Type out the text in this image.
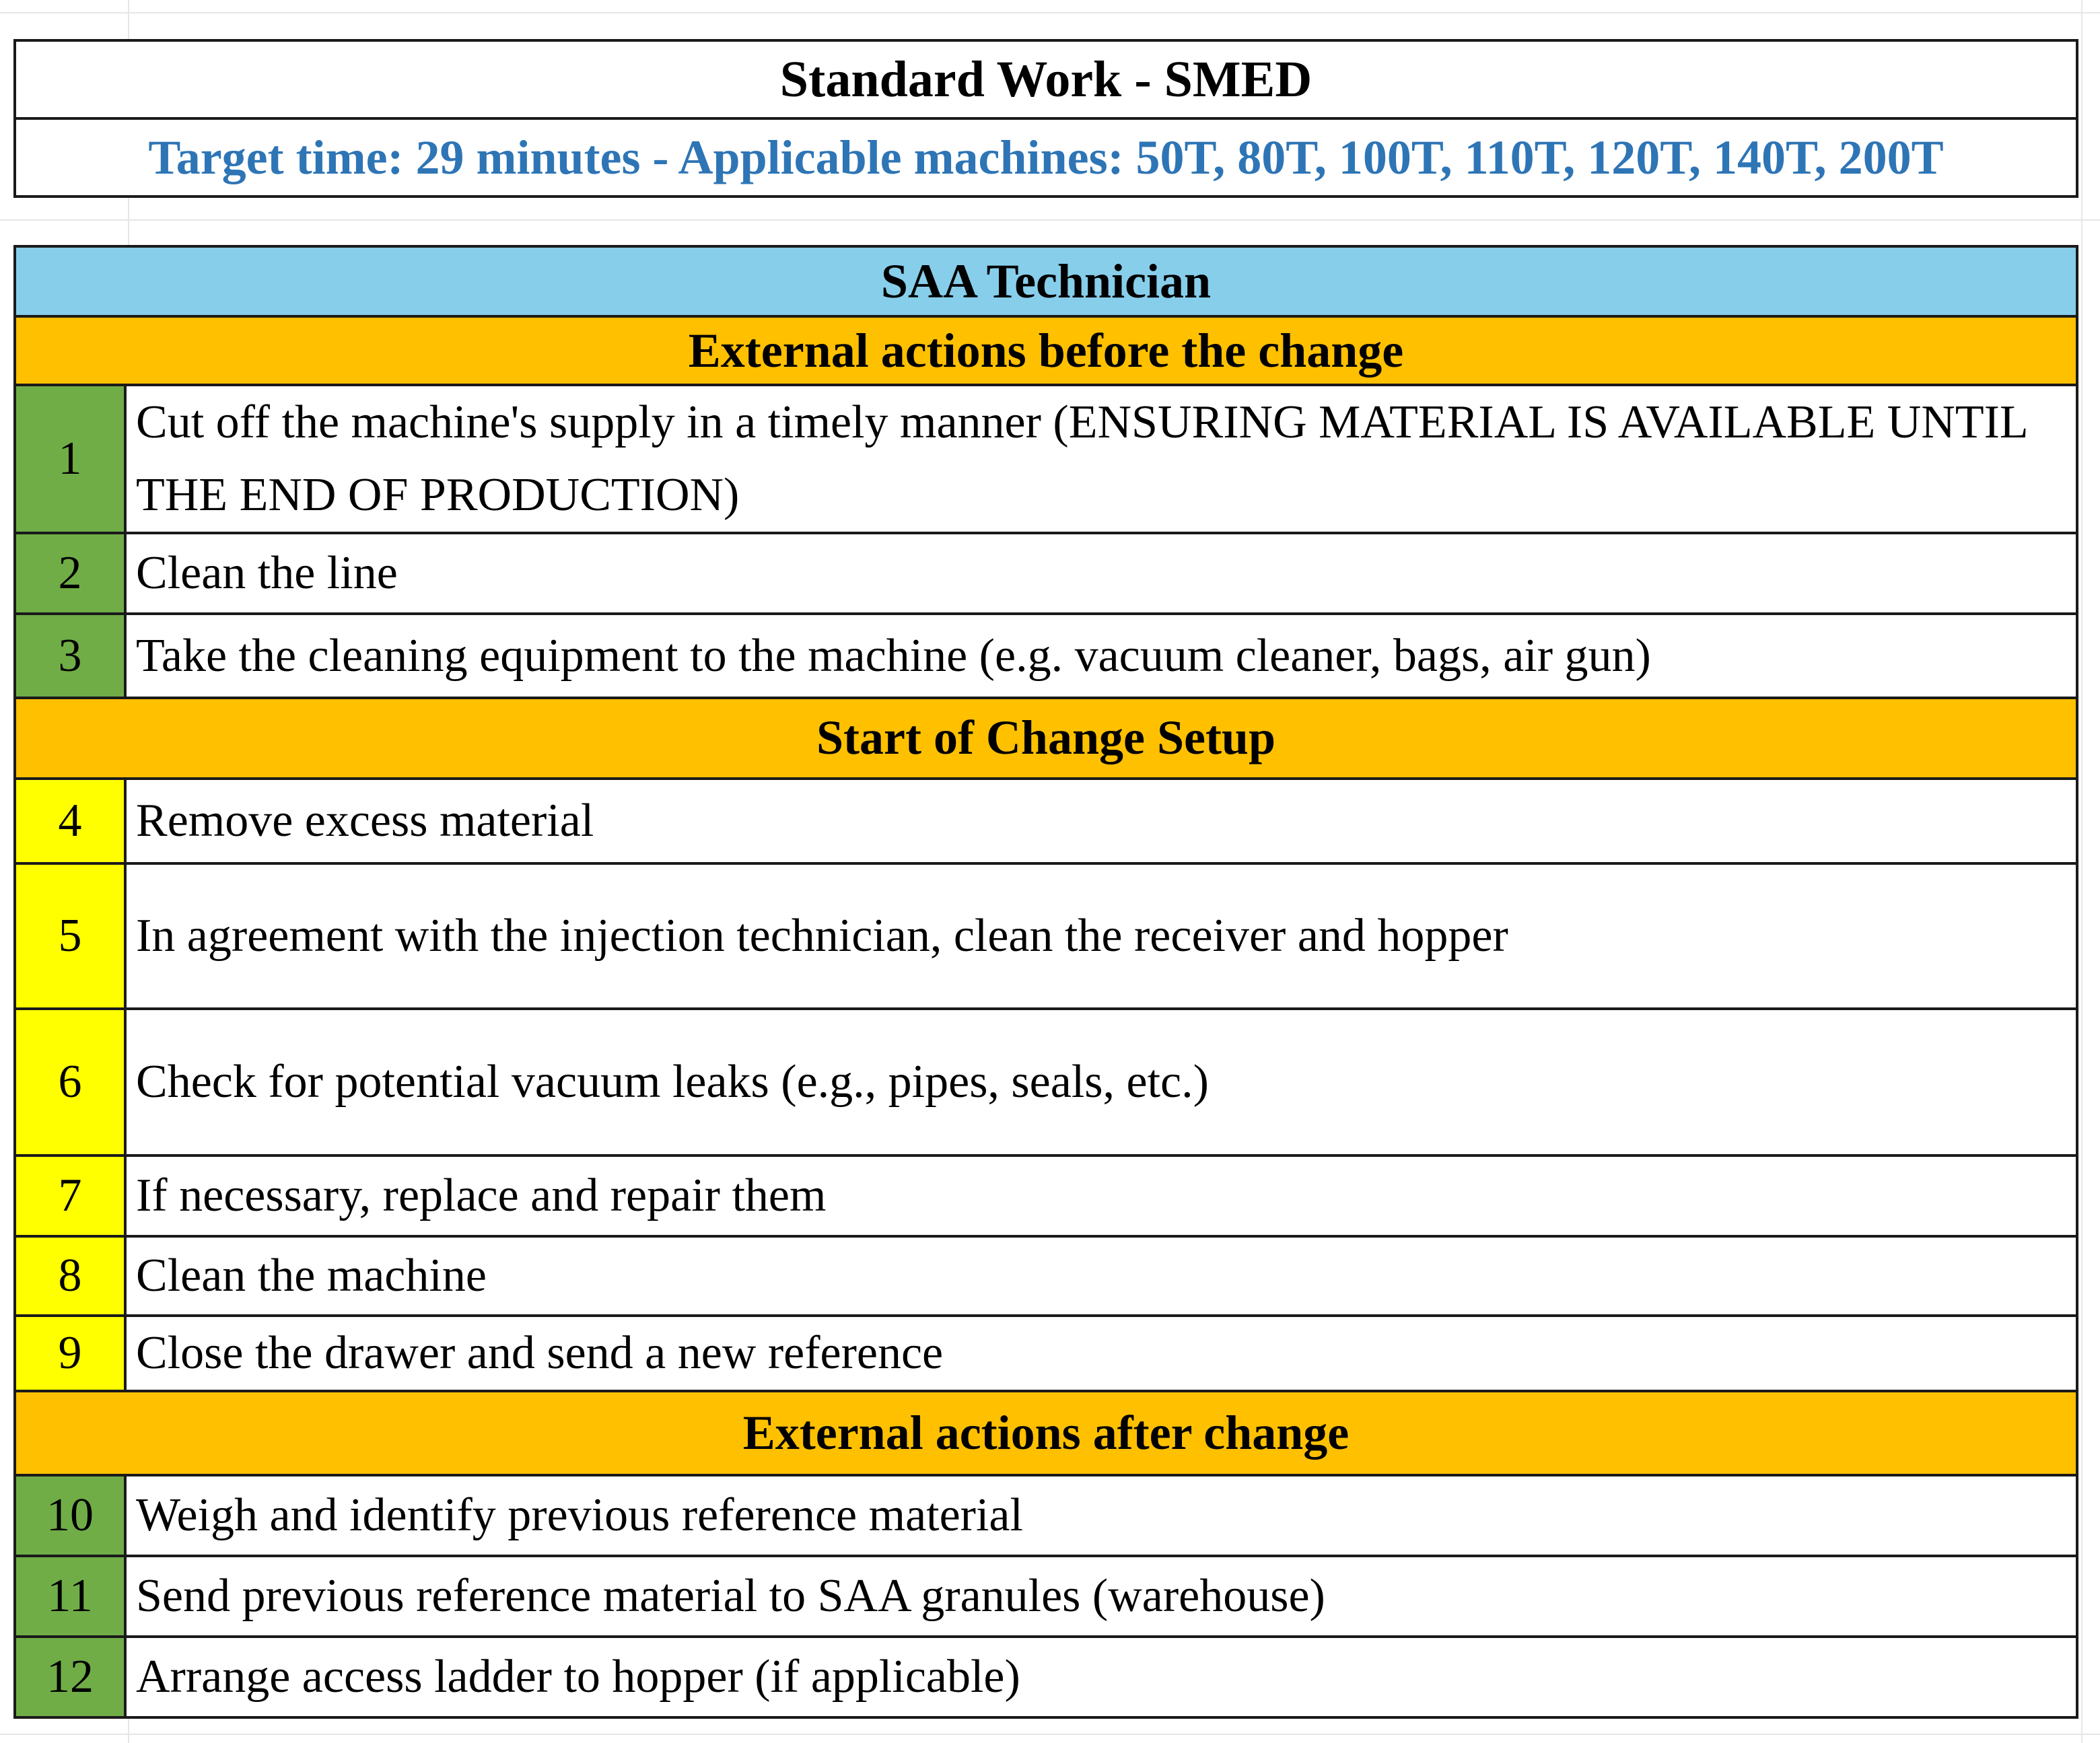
Standard Work - SMED
Target time: 29 minutes - Applicable machines: 50T, 80T, 100T, 110T, 120T, 140T, 200T
SAA Technician	
External actions before the change	
1	Cut off the machine's supply in a timely manner (ENSURING MATERIAL IS AVAILABLE UNTIL THE END OF PRODUCTION)
2	Clean the line
3	Take the cleaning equipment to the machine (e.g. vacuum cleaner, bags, air gun)
Start of Change Setup	
4	Remove excess material
5	In agreement with the injection technician, clean the receiver and hopper
6	Check for potential vacuum leaks (e.g., pipes, seals, etc.)
7	If necessary, replace and repair them
8	Clean the machine
9	Close the drawer and send a new reference
External actions after change	
10	Weigh and identify previous reference material
11	Send previous reference material to SAA granules (warehouse)
12	Arrange access ladder to hopper (if applicable)
